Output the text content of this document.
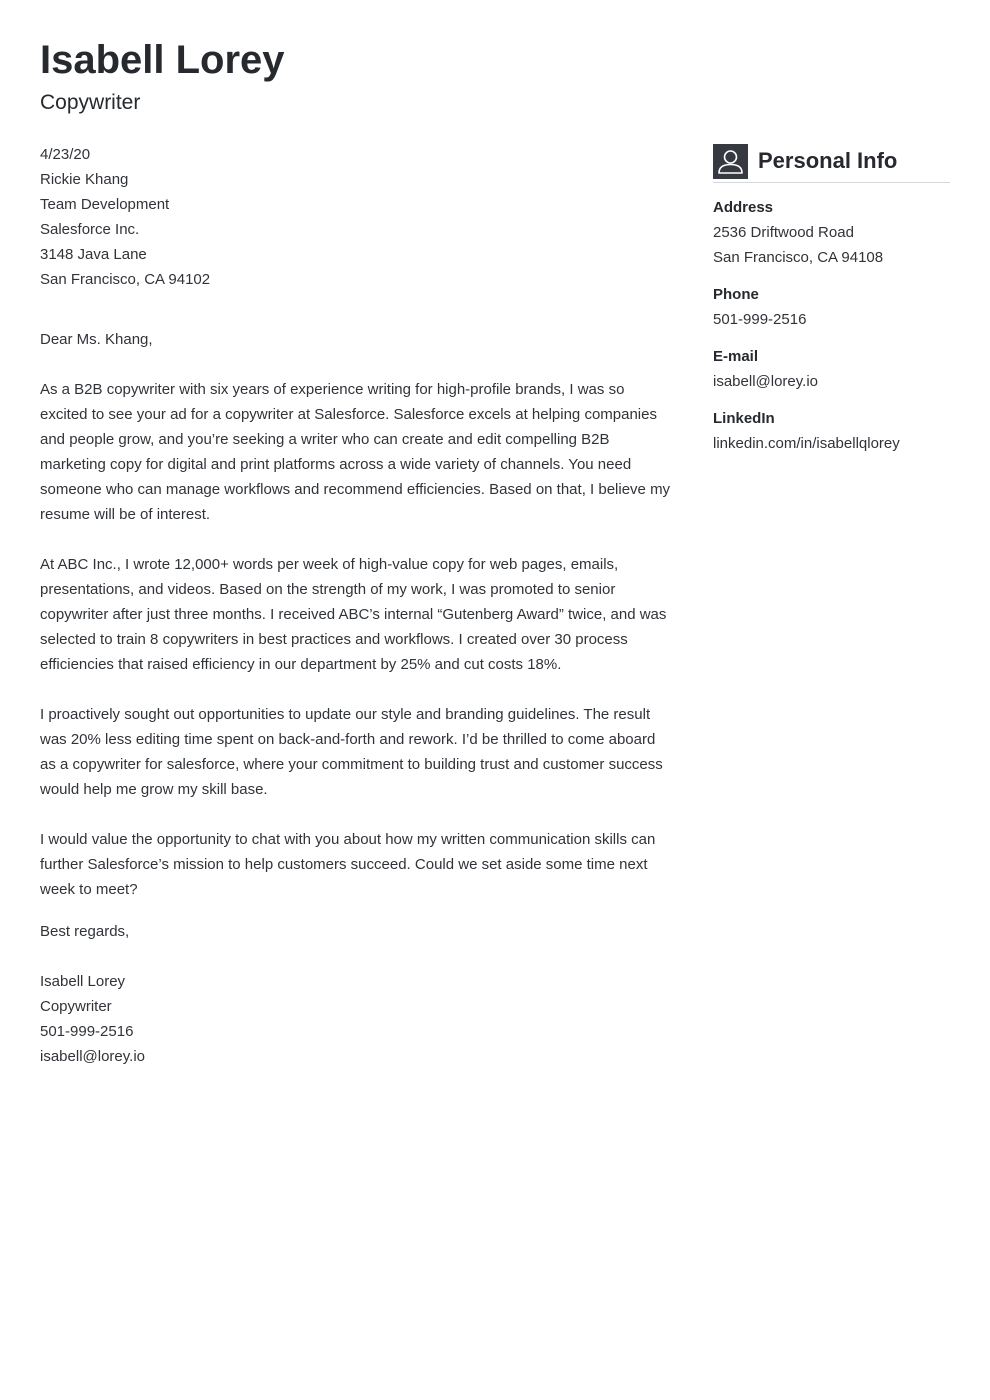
Isabell Lorey
Copywriter

4/23/20

Rickie Khang
Team Development
Salesforce Inc.
3148 Java Lane
San Francisco, CA 94102

Dear Ms. Khang,

As a B2B copywriter with six years of experience writing for high-profile brands, I was so excited to see your ad for a copywriter at Salesforce. Salesforce excels at helping companies and people grow, and you’re seeking a writer who can create and edit compelling B2B marketing copy for digital and print platforms across a wide variety of channels. You need someone who can manage workflows and recommend efficiencies. Based on that, I believe my resume will be of interest.

At ABC Inc., I wrote 12,000+ words per week of high-value copy for web pages, emails, presentations, and videos. Based on the strength of my work, I was promoted to senior copywriter after just three months. I received ABC’s internal “Gutenberg Award” twice, and was selected to train 8 copywriters in best practices and workflows. I created over 30 process efficiencies that raised efficiency in our department by 25% and cut costs 18%.

I proactively sought out opportunities to update our style and branding guidelines. The result was 20% less editing time spent on back-and-forth and rework. I’d be thrilled to come aboard as a copywriter for salesforce, where your commitment to building trust and customer success would help me grow my skill base.

I would value the opportunity to chat with you about how my written communication skills can further Salesforce’s mission to help customers succeed. Could we set aside some time next week to meet?

Best regards,

Isabell Lorey
Copywriter
501-999-2516
isabell@lorey.io
Personal Info
Address
2536 Driftwood Road
San Francisco, CA 94108
Phone
501-999-2516
E-mail
isabell@lorey.io
LinkedIn
linkedin.com/in/isabellqlorey
